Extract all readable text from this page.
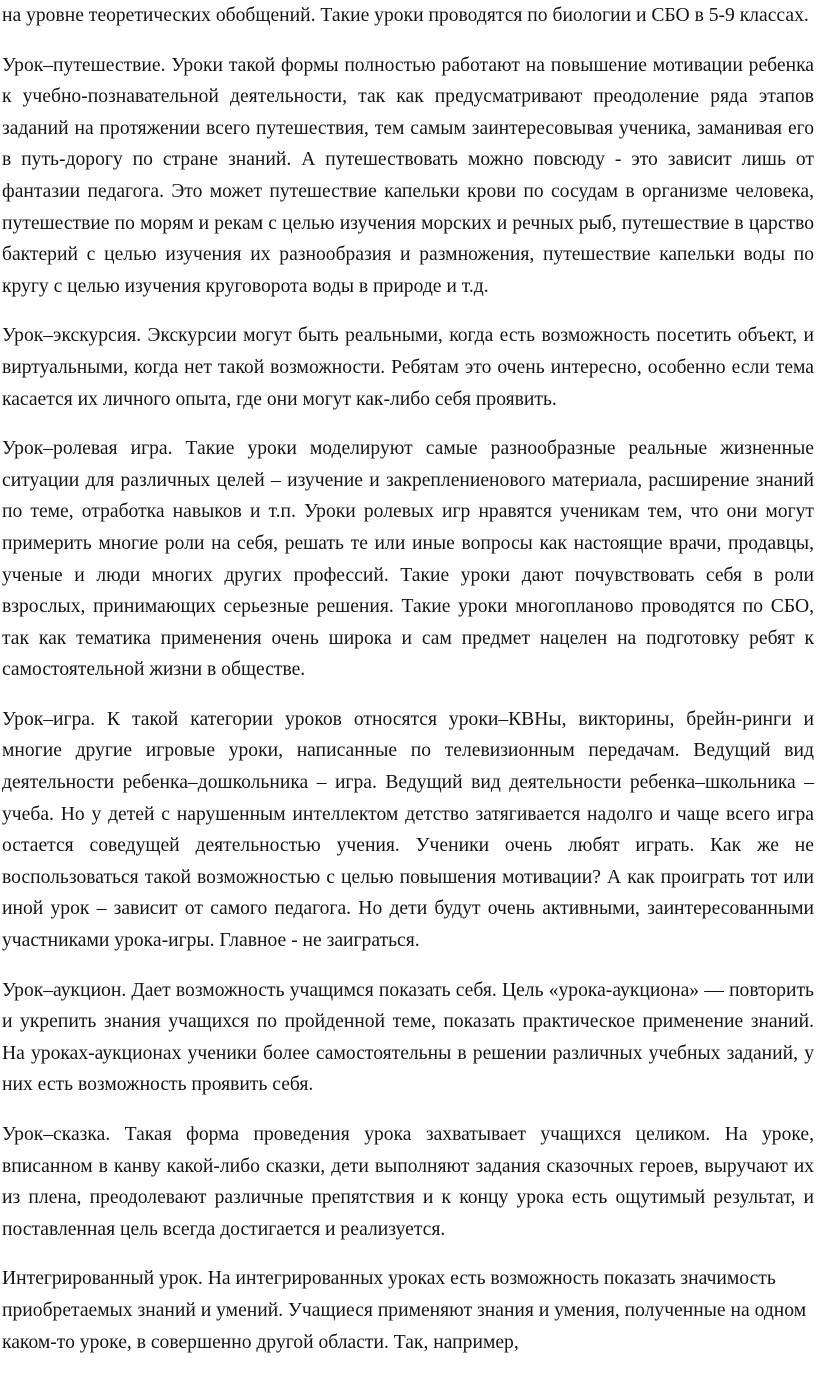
на уровне теоретических обобщений. Такие уроки проводятся по биологии и СБО в 5-9 классах.

Урок–путешествие. Уроки такой формы полностью работают на повышение мотивации ребенка к учебно-познавательной деятельности, так как предусматривают преодоление ряда этапов заданий на протяжении всего путешествия, тем самым заинтересовывая ученика, заманивая его в путь-дорогу по стране знаний. А путешествовать можно повсюду - это зависит лишь от фантазии педагога. Это может путешествие капельки крови по сосудам в организме человека, путешествие по морям и рекам с целью изучения морских и речных рыб, путешествие в царство бактерий с целью изучения их разнообразия и размножения, путешествие капельки воды по кругу с целью изучения круговорота воды в природе и т.д.

Урок–экскурсия. Экскурсии могут быть реальными, когда есть возможность посетить объект, и виртуальными, когда нет такой возможности. Ребятам это очень интересно, особенно если тема касается их личного опыта, где они могут как-либо себя проявить.

Урок–ролевая игра. Такие уроки моделируют самые разнообразные реальные жизненные ситуации для различных целей – изучение и закреплениенового материала, расширение знаний по теме, отработка навыков и т.п. Уроки ролевых игр нравятся ученикам тем, что они могут примерить многие роли на себя, решать те или иные вопросы как настоящие врачи, продавцы, ученые и люди многих других профессий. Такие уроки дают почувствовать себя в роли взрослых, принимающих серьезные решения. Такие уроки многопланово проводятся по СБО, так как тематика применения очень широка и сам предмет нацелен на подготовку ребят к самостоятельной жизни в обществе.

Урок–игра. К такой категории уроков относятся уроки–КВНы, викторины, брейн-ринги и многие другие игровые уроки, написанные по телевизионным передачам. Ведущий вид деятельности ребенка–дошкольника – игра. Ведущий вид деятельности ребенка–школьника – учеба. Но у детей с нарушенным интеллектом детство затягивается надолго и чаще всего игра остается соведущей деятельностью учения. Ученики очень любят играть. Как же не воспользоваться такой возможностью с целью повышения мотивации? А как проиграть тот или иной урок – зависит от самого педагога. Но дети будут очень активными, заинтересованными участниками урока-игры. Главное - не заиграться.

Урок–аукцион. Дает возможность учащимся показать себя. Цель «урока-аукциона» — повторить и укрепить знания учащихся по пройденной теме, показать практическое применение знаний. На уроках-аукционах ученики более самостоятельны в решении различных учебных заданий, у них есть возможность проявить себя.

Урок–сказка. Такая форма проведения урока захватывает учащихся целиком. На уроке, вписанном в канву какой-либо сказки, дети выполняют задания сказочных героев, выручают их из плена, преодолевают различные препятствия и к концу урока есть ощутимый результат, и поставленная цель всегда достигается и реализуется.

Интегрированный урок. На интегрированных уроках есть возможность показать значимость приобретаемых знаний и умений. Учащиеся применяют знания и умения, полученные на одном каком-то уроке, в совершенно другой области. Так, например,
